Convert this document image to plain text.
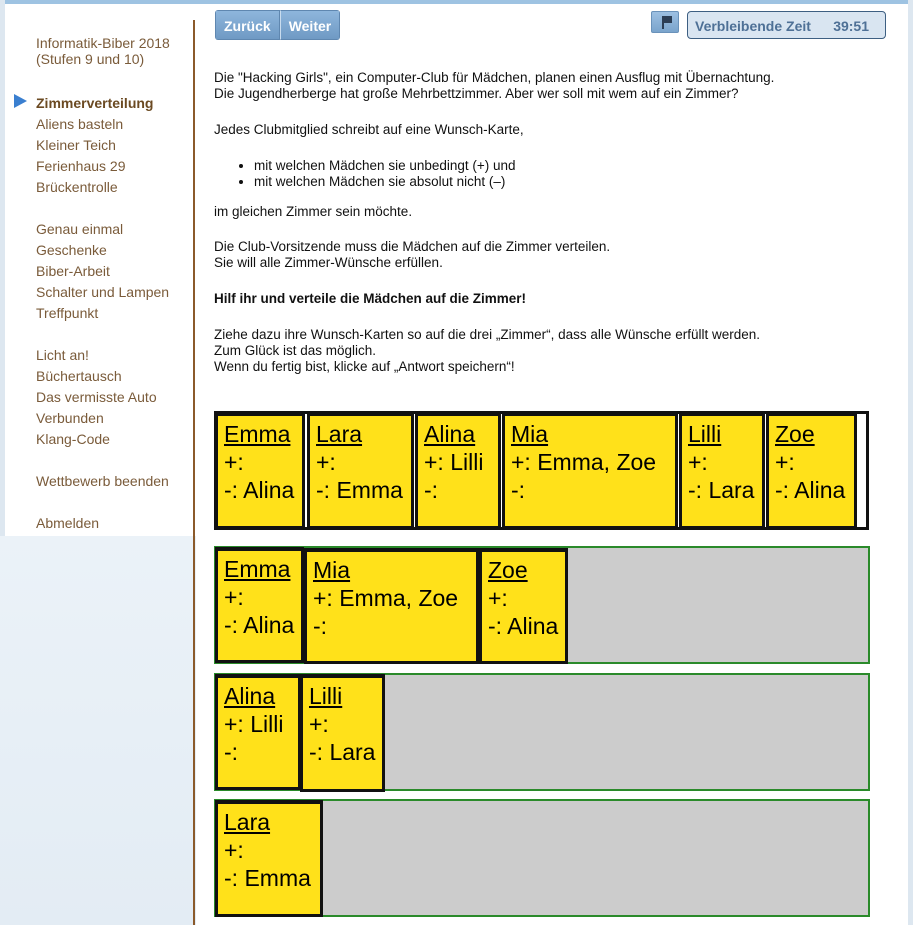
Informatik-Biber 2018
(Stufen 9 und 10)
Zimmerverteilung
Aliens basteln
Kleiner Teich
Ferienhaus 29
Brückentrolle
Genau einmal
Geschenke
Biber-Arbeit
Schalter und Lampen
Treffpunkt
Licht an!
Büchertausch
Das vermisste Auto
Verbunden
Klang-Code
Wettbewerb beenden
Abmelden
Zurück	Weiter	Verbleibende Zeit 39:51

Die "Hacking Girls", ein Computer-Club für Mädchen, planen einen Ausflug mit Übernachtung.

Die Jugendherberge hat große Mehrbettzimmer. Aber wer soll mit wem auf ein Zimmer?

Jedes Clubmitglied schreibt auf eine Wunsch-Karte,

• mit welchen Mädchen sie unbedingt (+) und
• mit welchen Mädchen sie absolut nicht (–)

im gleichen Zimmer sein möchte.

Die Club-Vorsitzende muss die Mädchen auf die Zimmer verteilen.

Sie will alle Zimmer-Wünsche erfüllen.

Hilf ihr und verteile die Mädchen auf die Zimmer!

Ziehe dazu ihre Wunsch-Karten so auf die drei „Zimmer“, dass alle Wünsche erfüllt werden.

Zum Glück ist das möglich.

Wenn du fertig bist, klicke auf „Antwort speichern“!

Emma
+:
-: Alina
Lara
+:
-: Emma
Alina
+: Lilli
-:
Mia
+: Emma, Zoe
-:
Lilli
+:
-: Lara
Zoe
+:
-: Alina
Emma
+:
-: Alina
Mia
+: Emma, Zoe
-:
Zoe
+:
-: Alina
Alina
+: Lilli
-:
Lilli
+:
-: Lara
Lara
+:
-: Emma
